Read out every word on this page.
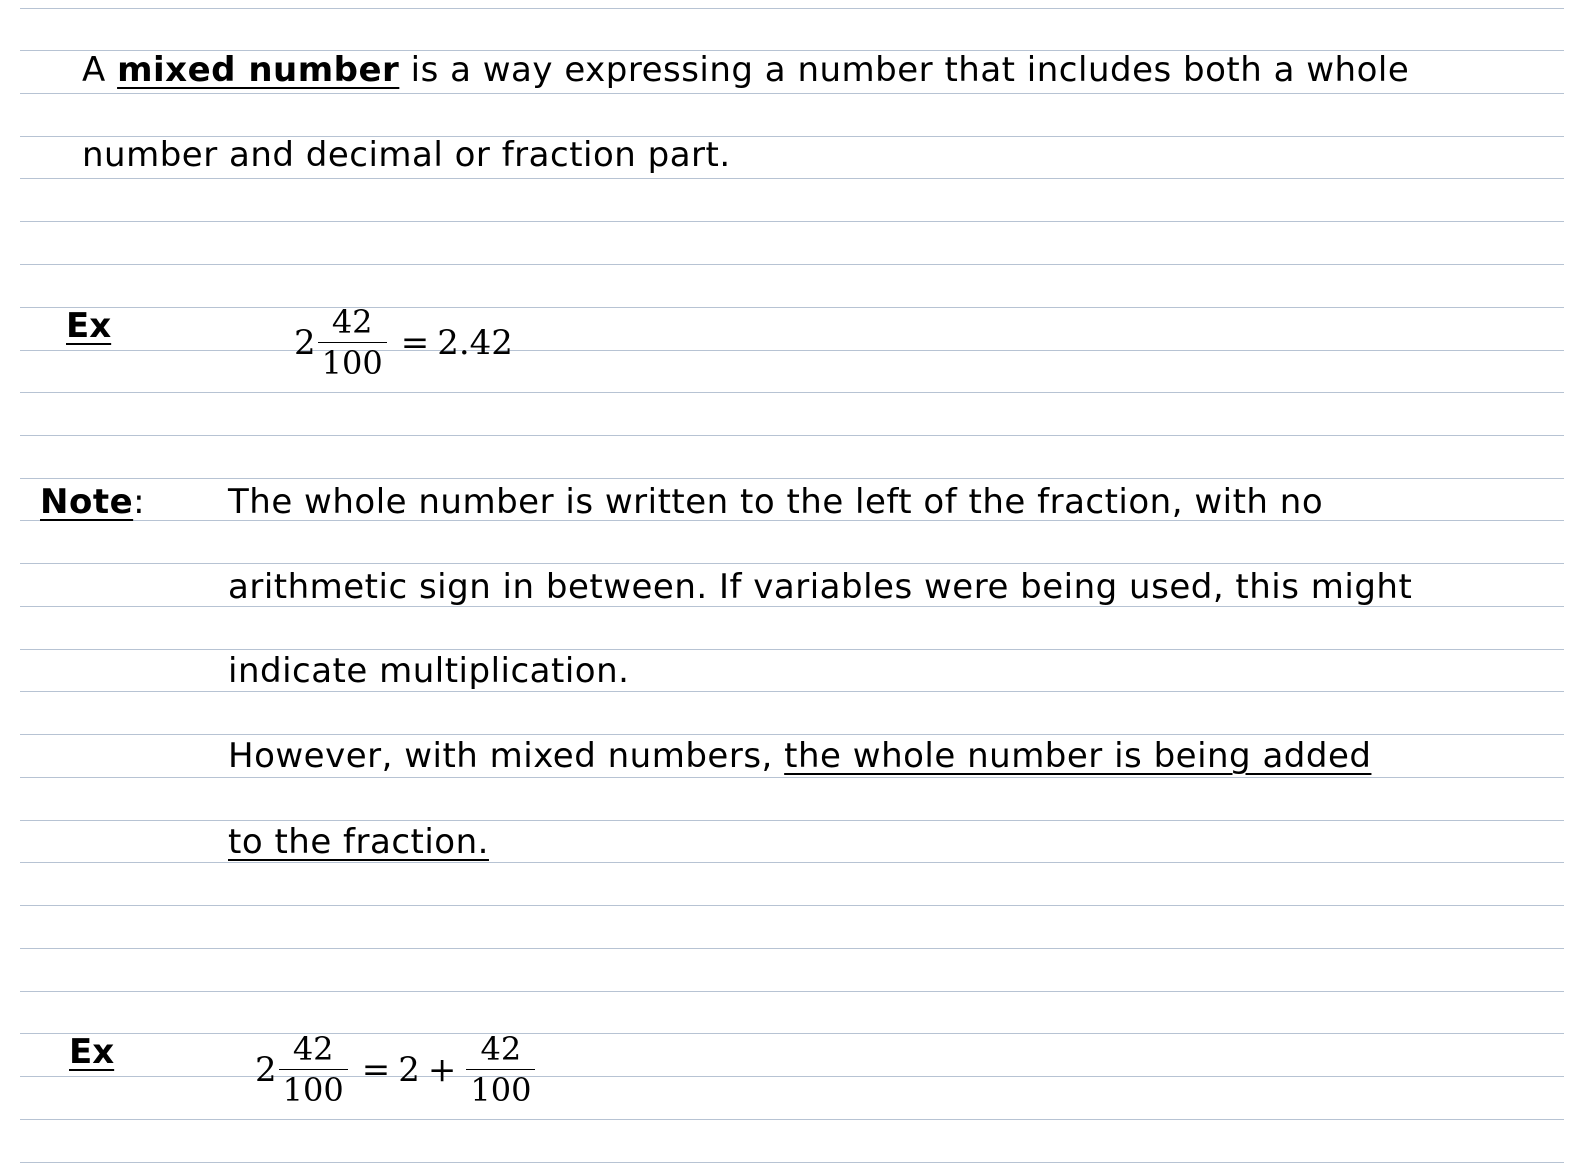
A mixed number is a way expressing a number that includes both a whole
number and decimal or fraction part.
Ex	$2 \frac{42}{100} = 2.42$
Note: The whole number is written to the left of the fraction, with no
arithmetic sign in between. If variables were being used, this might
indicate multiplication.
However, with mixed numbers, the whole number is being added
to the fraction.
Ex	$2 \frac{42}{100} = 2 + \frac{42}{100}$
